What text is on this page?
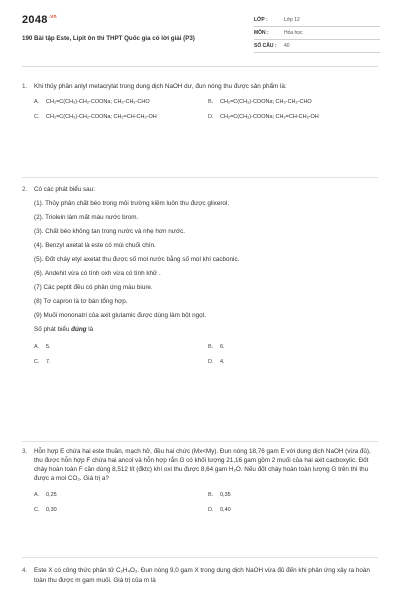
$2048^{.vn}$
190 Bài tập Este, Lipit ôn thi THPT Quốc gia có lời giải (P3)
LỚP :	Lớp 12
MÔN :	Hóa học
SỐ CÂU :	40
1.	Khi thủy phân anlyl metacrylat trong dung dịch NaOH dư, đun nóng thu được sản phẩm là:
A.	CH₂=C(CH₃)-CH₂-COONa; CH₃-CH₂-CHO	B.	CH₂=C(CH₃)-COONa; CH₃-CH₂-CHO
C.	CH₂=C(CH₃)-CH₂-COONa; CH₂=CH-CH₂-OH	D.	CH₂=C(CH₃)-COONa; CH₂=CH-CH₂-OH
2.	Có các phát biểu sau:
(1). Thủy phân chất béo trong môi trường kiềm luôn thu được glixerol.
(2). Triolein làm mất màu nước brom.
(3). Chất béo không tan trong nước và nhẹ hơn nước.
(4). Benzyl axetat là este có mùi chuối chín.
(5). Đốt cháy etyl axetat thu được số mol nước bằng số mol khí cacbonic.
(6). Andehit vừa có tính oxh vừa có tính khử .
(7) Các peptit đều có phản ứng màu biure.
(8) Tơ capron là tơ bán tổng hợp.
(9) Muối mononatri của axit glutamic được dùng làm bột ngọt.
Số phát biểu đúng là
A.	5.	B.	6.
C.	7.	D.	4.
3.	Hỗn hợp E chứa hai este thuần, mạch hở, đều hai chức (Mx<My). Đun nóng 18,76 gam E với dung dịch NaOH (vừa đủ), thu được hỗn hợp F chứa hai ancol và hỗn hợp rắn G có khối lượng 21,16 gam gồm 2 muối của hai axit cacboxylic. Đốt cháy hoàn toàn F cần dùng 8,512 lít (đktc) khí oxi thu được 8,64 gam H₂O. Nếu đốt cháy hoàn toàn lượng G trên thì thu được a mol CO₂. Giá trị a?
A.	0,25	B.	0,35
C.	0,30	D.	0,40
4.	Este X có công thức phân tử C₂H₄O₂. Đun nóng 9,0 gam X trong dung dịch NaOH vừa đủ đến khi phản ứng xảy ra hoàn toàn thu được m gam muối. Giá trị của m là
